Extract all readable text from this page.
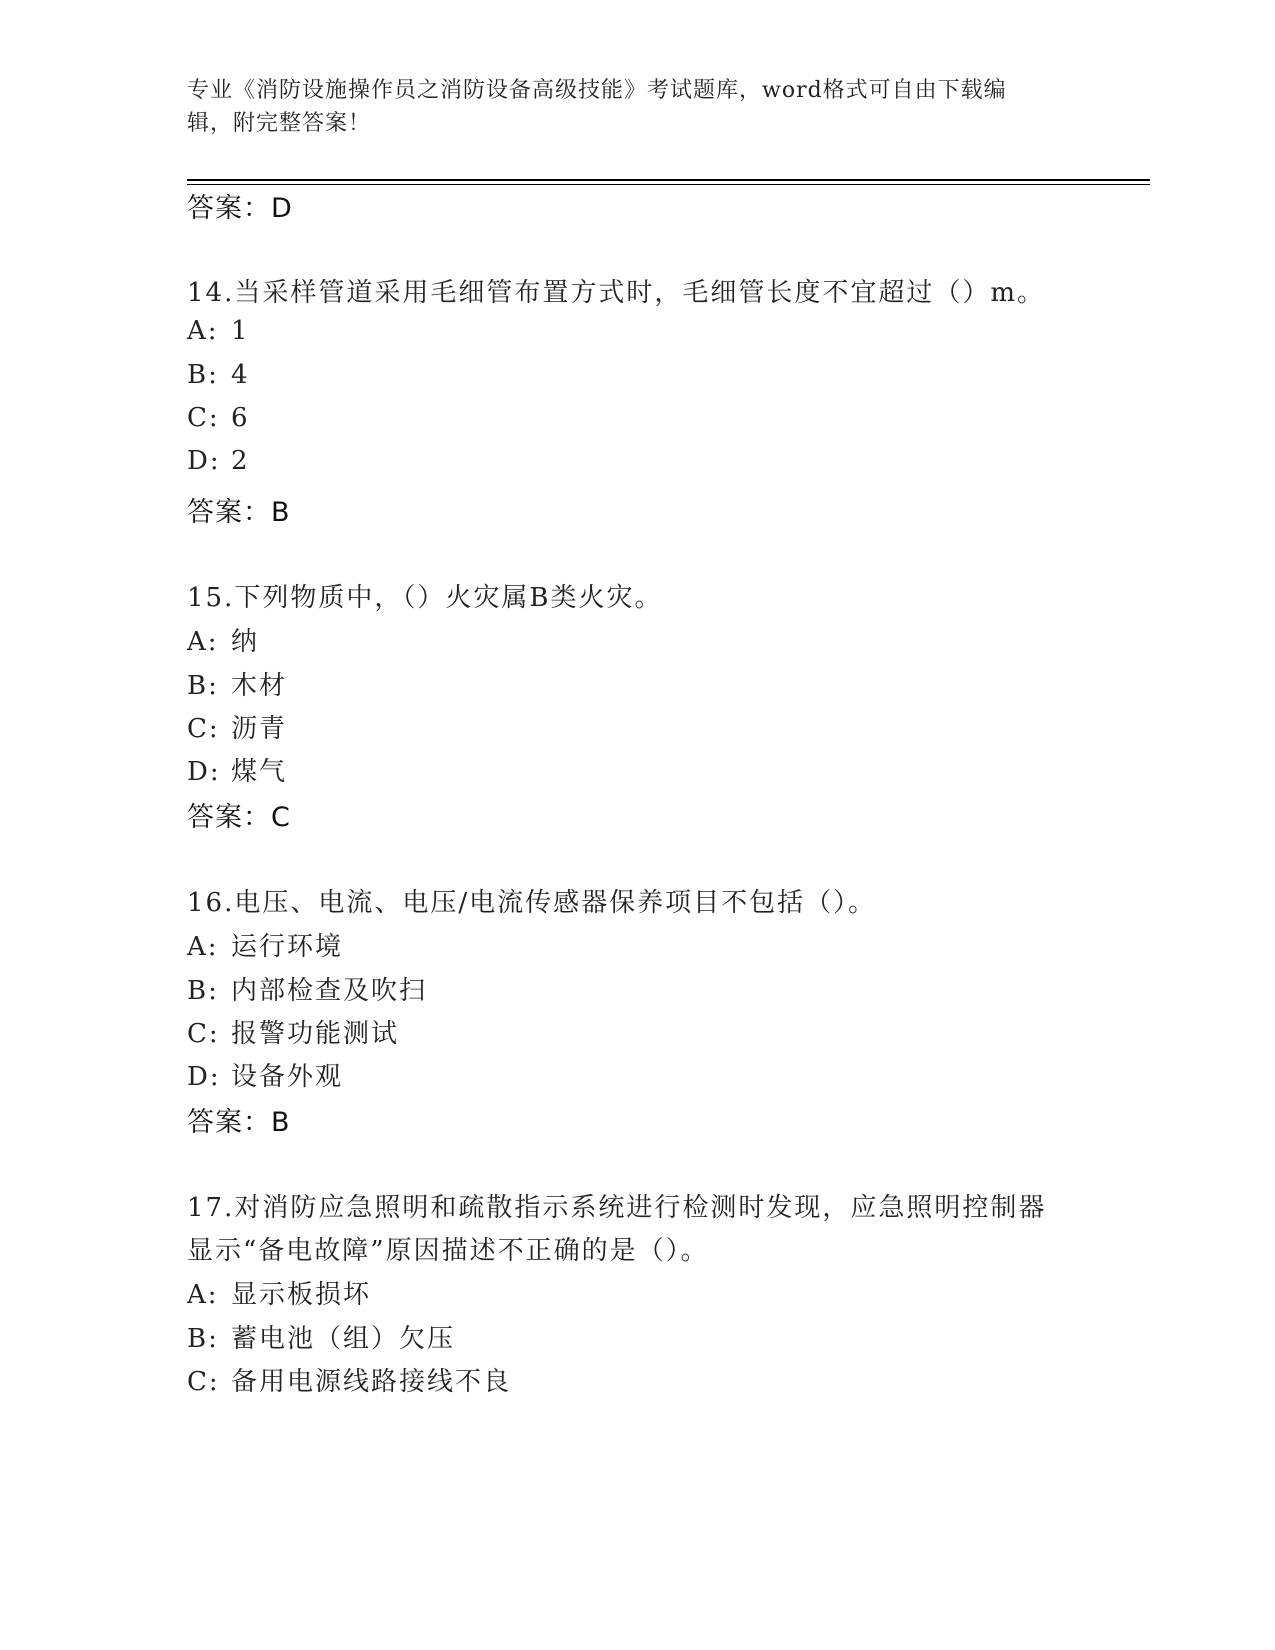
专业《消防设施操作员之消防设备高级技能》考试题库，word格式可自由下载编
辑，附完整答案！
答案：D
14.当采样管道采用毛细管布置方式时，毛细管长度不宜超过（）m。
A: 1
B: 4
C: 6
D: 2
答案：B
15.下列物质中，（）火灾属B类火灾。
A: 纳
B: 木材
C: 沥青
D: 煤气
答案：C
16.电压、电流、电压/电流传感器保养项目不包括（）。
A: 运行环境
B: 内部检查及吹扫
C: 报警功能测试
D: 设备外观
答案：B
17.对消防应急照明和疏散指示系统进行检测时发现，应急照明控制器
显示“备电故障”原因描述不正确的是（）。
A: 显示板损坏
B: 蓄电池（组）欠压
C: 备用电源线路接线不良
